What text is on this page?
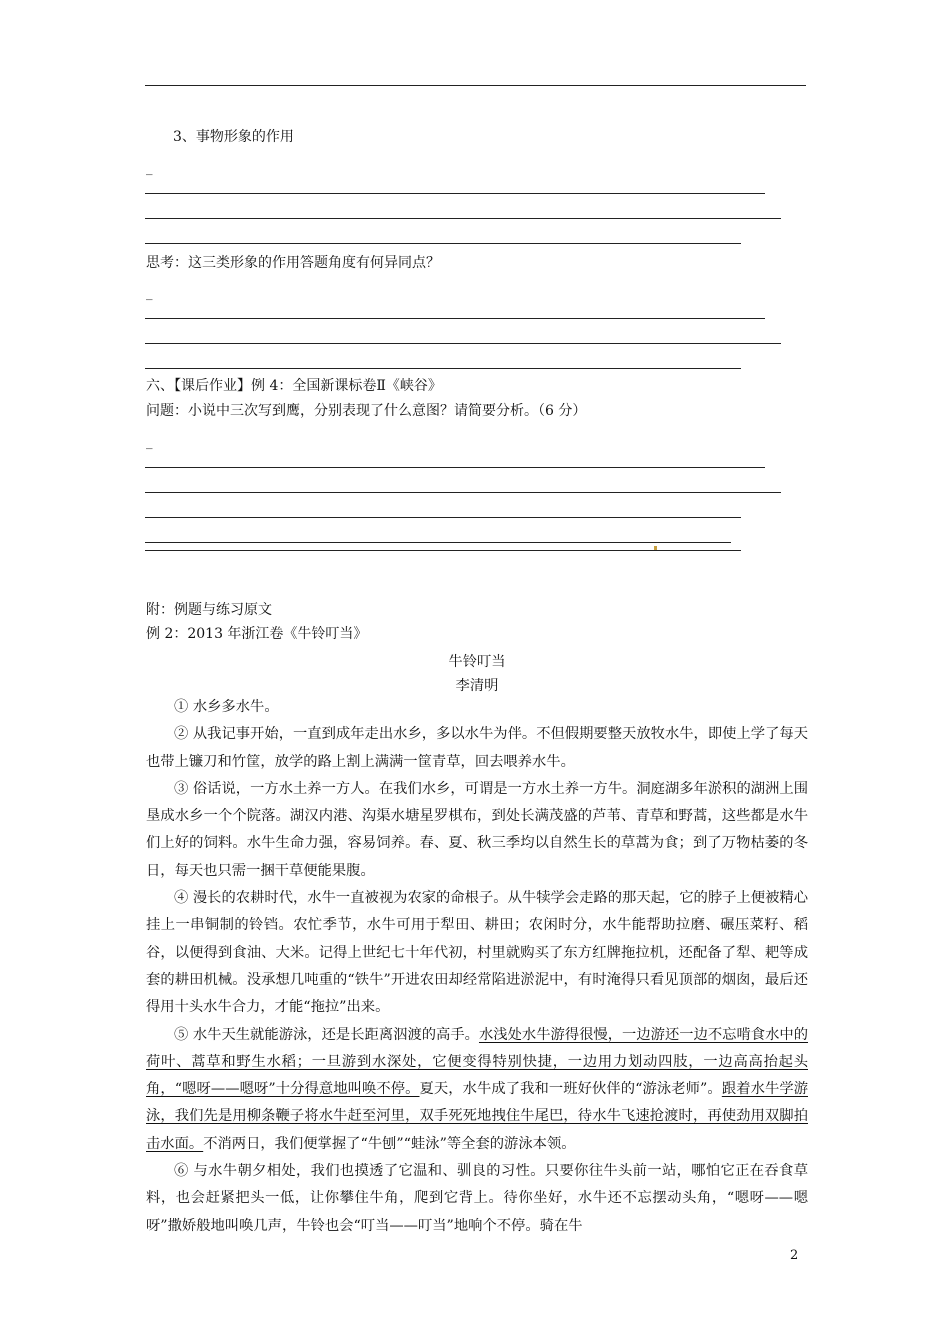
3、事物形象的作用
_
思考：这三类形象的作用答题角度有何异同点？
_
六、【课后作业】例 4：全国新课标卷Ⅱ《峡谷》
问题：小说中三次写到鹰，分别表现了什么意图？请简要分析。（6 分）
_
附：例题与练习原文
例 2：2013 年浙江卷《牛铃叮当》
牛铃叮当
李清明

① 水乡多水牛。

② 从我记事开始，一直到成年走出水乡，多以水牛为伴。不但假期要整天放牧水牛，即使上学了每天也带上镰刀和竹筐，放学的路上割上满满一筐青草，回去喂养水牛。

③ 俗话说，一方水土养一方人。在我们水乡，可谓是一方水土养一方牛。洞庭湖多年淤积的湖洲上围垦成水乡一个个院落。湖汉内港、沟渠水塘星罗棋布，到处长满茂盛的芦苇、青草和野蒿，这些都是水牛们上好的饲料。水牛生命力强，容易饲养。春、夏、秋三季均以自然生长的草蒿为食；到了万物枯萎的冬日，每天也只需一捆干草便能果腹。

④ 漫长的农耕时代，水牛一直被视为农家的命根子。从牛犊学会走路的那天起，它的脖子上便被精心挂上一串铜制的铃铛。农忙季节，水牛可用于犁田、耕田；农闲时分，水牛能帮助拉磨、碾压菜籽、稻谷，以便得到食油、大米。记得上世纪七十年代初，村里就购买了东方红牌拖拉机，还配备了犁、耙等成套的耕田机械。没承想几吨重的“铁牛”开进农田却经常陷进淤泥中，有时淹得只看见顶部的烟囱，最后还得用十头水牛合力，才能“拖拉”出来。

⑤ 水牛天生就能游泳，还是长距离泅渡的高手。水浅处水牛游得很慢，一边游还一边不忘啃食水中的荷叶、蒿草和野生水稻；一旦游到水深处，它便变得特别快捷，一边用力划动四肢，一边高高抬起头角，“嗯呀——嗯呀”十分得意地叫唤不停。夏天，水牛成了我和一班好伙伴的“游泳老师”。跟着水牛学游泳，我们先是用柳条鞭子将水牛赶至河里，双手死死地拽住牛尾巴，待水牛飞速抢渡时，再使劲用双脚拍击水面。不消两日，我们便掌握了“牛刨”“蛙泳”等全套的游泳本领。

⑥ 与水牛朝夕相处，我们也摸透了它温和、驯良的习性。只要你往牛头前一站，哪怕它正在吞食草料，也会赶紧把头一低，让你攀住牛角，爬到它背上。待你坐好，水牛还不忘摆动头角，“嗯呀——嗯呀”撒娇般地叫唤几声，牛铃也会“叮当——叮当”地响个不停。骑在牛

2
